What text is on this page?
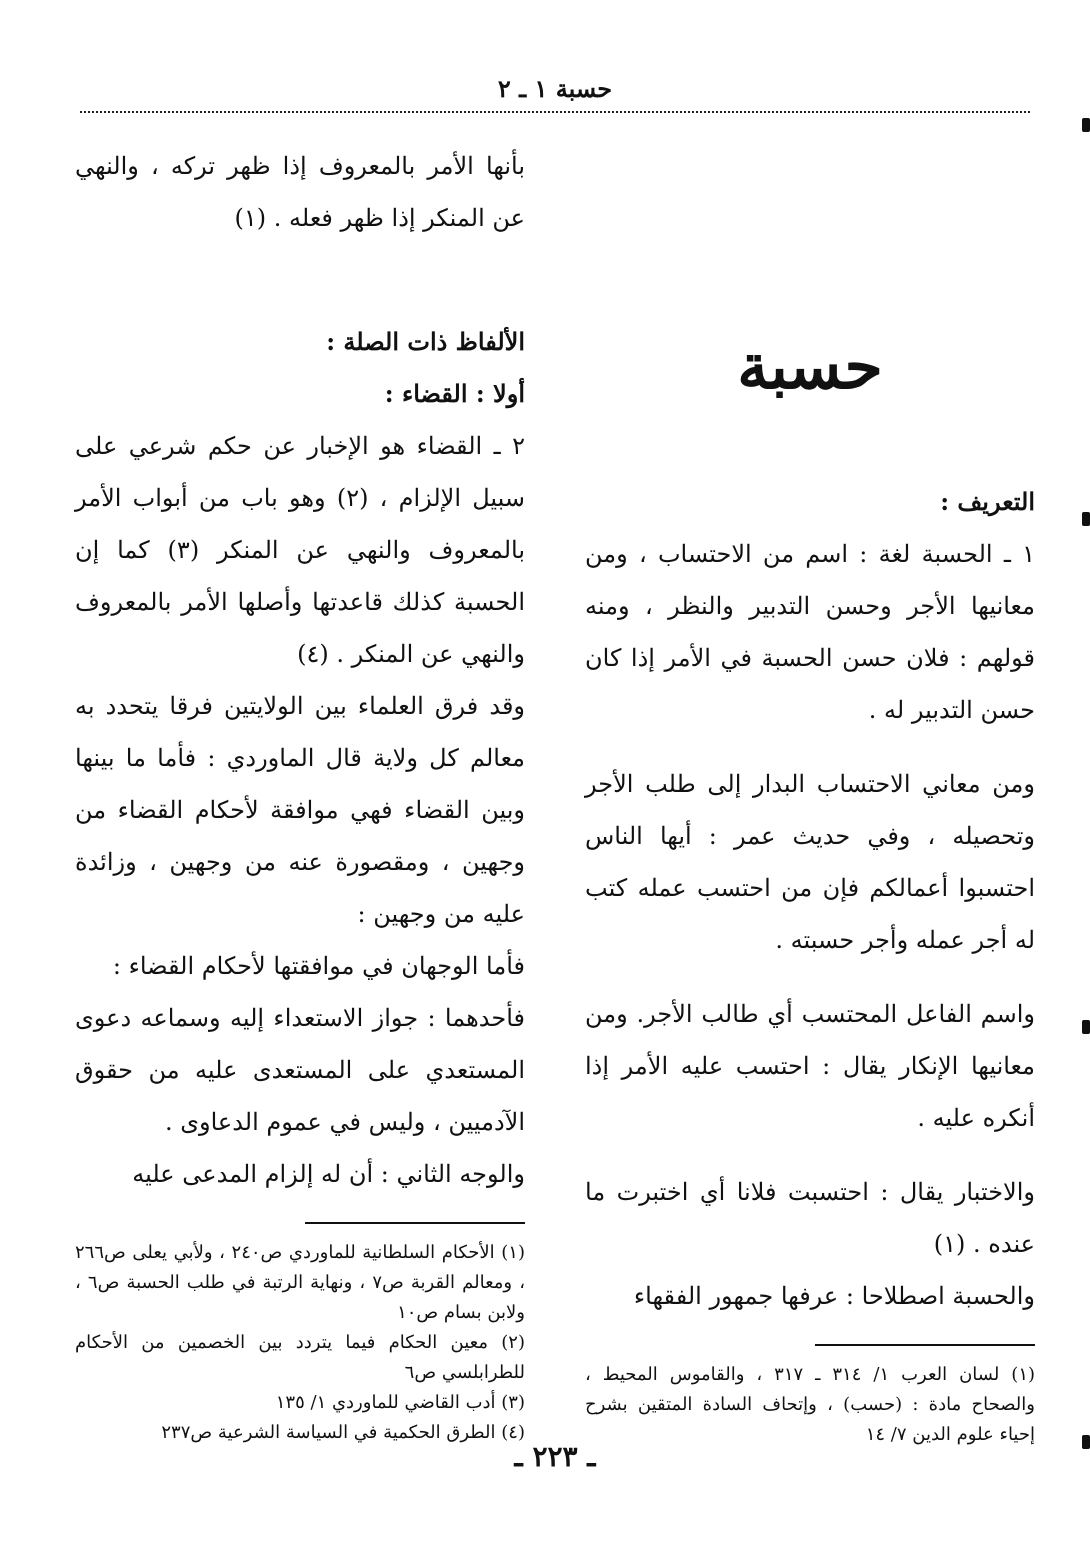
حسبة ١ ـ ٢

بأنها الأمر بالمعروف إذا ظهر تركه ، والنهي عن المنكر إذا ظهر فعله . (١)

الألفاظ ذات الصلة :

أولا : القضاء :

٢ ـ القضاء هو الإخبار عن حكم شرعي على سبيل الإلزام ، (٢) وهو باب من أبواب الأمر بالمعروف والنهي عن المنكر (٣) كما إن الحسبة كذلك قاعدتها وأصلها الأمر بالمعروف والنهي عن المنكر . (٤)

وقد فرق العلماء بين الولايتين فرقا يتحدد به معالم كل ولاية قال الماوردي : فأما ما بينها وبين القضاء فهي موافقة لأحكام القضاء من وجهين ، ومقصورة عنه من وجهين ، وزائدة عليه من وجهين :

فأما الوجهان في موافقتها لأحكام القضاء :

فأحدهما : جواز الاستعداء إليه وسماعه دعوى المستعدي على المستعدى عليه من حقوق الآدميين ، وليس في عموم الدعاوى .

والوجه الثاني : أن له إلزام المدعى عليه

(١) الأحكام السلطانية للماوردي ص٢٤٠ ، ولأبي يعلى ص٢٦٦ ، ومعالم القربة ص٧ ، ونهاية الرتبة في طلب الحسبة ص٦ ، ولابن بسام ص١٠

(٢) معين الحكام فيما يتردد بين الخصمين من الأحكام للطرابلسي ص٦

(٣) أدب القاضي للماوردي ١/ ١٣٥

(٤) الطرق الحكمية في السياسة الشرعية ص٢٣٧

حسبة

التعريف :

١ ـ الحسبة لغة : اسم من الاحتساب ، ومن معانيها الأجر وحسن التدبير والنظر ، ومنه قولهم : فلان حسن الحسبة في الأمر إذا كان حسن التدبير له .

ومن معاني الاحتساب البدار إلى طلب الأجر وتحصيله ، وفي حديث عمر : أيها الناس احتسبوا أعمالكم فإن من احتسب عمله كتب له أجر عمله وأجر حسبته .

واسم الفاعل المحتسب أي طالب الأجر. ومن معانيها الإنكار يقال : احتسب عليه الأمر إذا أنكره عليه .

والاختبار يقال : احتسبت فلانا أي اختبرت ما عنده . (١)

والحسبة اصطلاحا : عرفها جمهور الفقهاء

(١) لسان العرب ١/ ٣١٤ ـ ٣١٧ ، والقاموس المحيط ، والصحاح مادة : (حسب) ، وإتحاف السادة المتقين بشرح إحياء علوم الدين ٧/ ١٤

ـ ٢٢٣ ـ
